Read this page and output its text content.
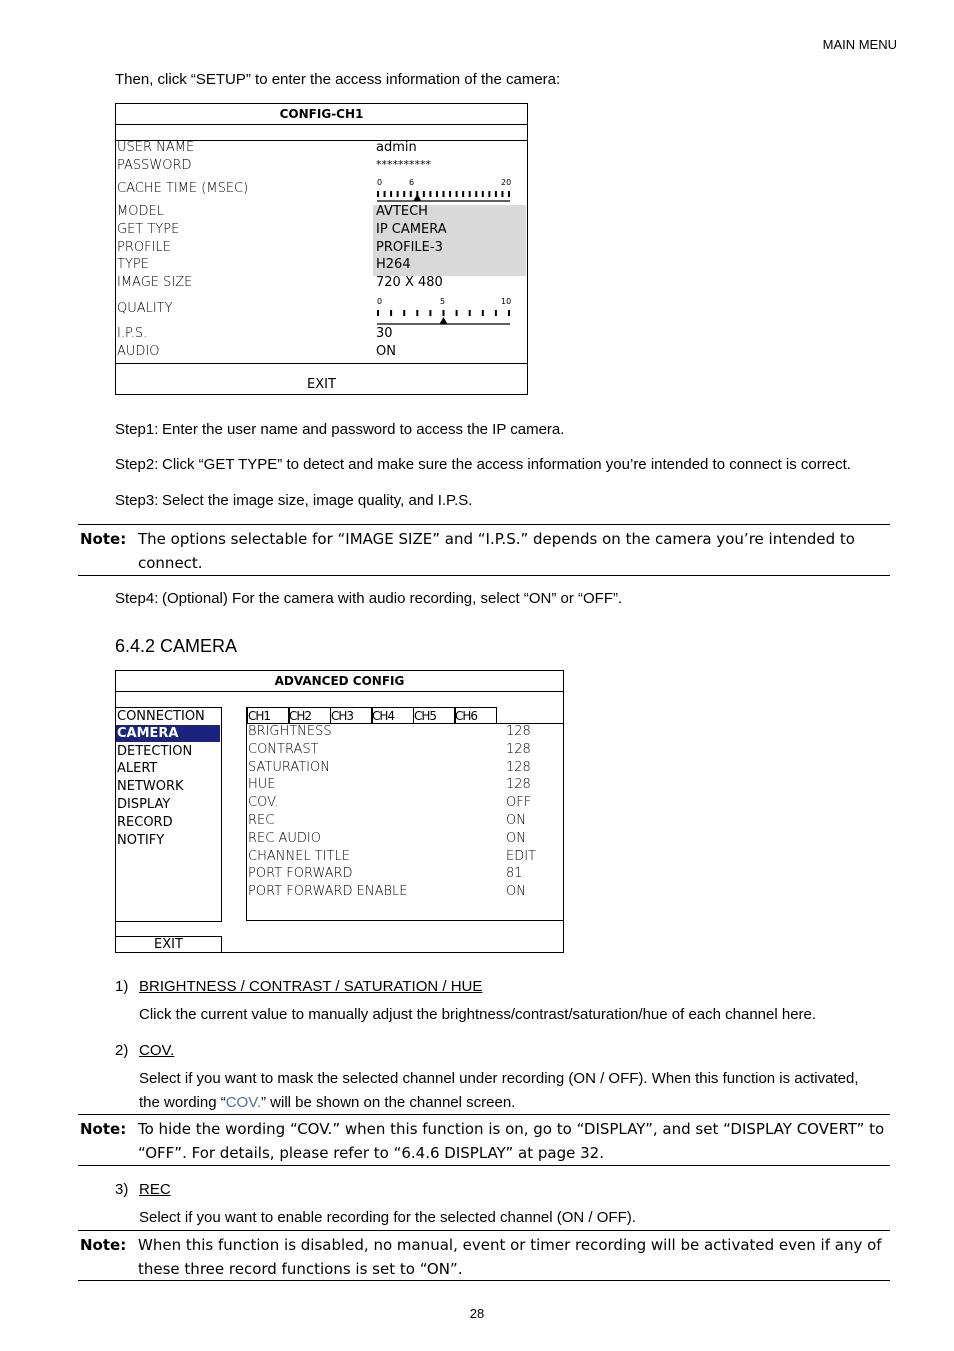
MAIN MENU
Then, click “SETUP” to enter the access information of the camera:
CONFIG-CH1
USER NAME	admin
PASSWORD	**********
CACHE TIME (MSEC)	0	6	20
MODEL	AVTECH
GET TYPE	IP CAMERA
PROFILE	PROFILE-3
TYPE	H264
IMAGE SIZE	720 X 480
QUALITY	0	5	10
I.P.S.	30
AUDIO	ON
EXIT
Step1: Enter the user name and password to access the IP camera.
Step2: Click “GET TYPE” to detect and make sure the access information you’re intended to connect is correct.
Step3: Select the image size, image quality, and I.P.S.
Note: The options selectable for “IMAGE SIZE” and “I.P.S.” depends on the camera you’re intended to connect.
Step4: (Optional) For the camera with audio recording, select “ON” or “OFF”.
6.4.2 CAMERA
ADVANCED CONFIG
CONNECTION
CAMERA
DETECTION
ALERT
NETWORK
DISPLAY
RECORD
NOTIFY
CH1	CH2	CH3	CH4	CH5	CH6
BRIGHTNESS	128
CONTRAST	128
SATURATION	128
HUE	128
COV.	OFF
REC	ON
REC AUDIO	ON
CHANNEL TITLE	EDIT
PORT FORWARD	81
PORT FORWARD ENABLE	ON
EXIT
1) BRIGHTNESS / CONTRAST / SATURATION / HUE
Click the current value to manually adjust the brightness/contrast/saturation/hue of each channel here.
2) COV.
Select if you want to mask the selected channel under recording (ON / OFF). When this function is activated,
the wording “COV.” will be shown on the channel screen.
Note: To hide the wording “COV.” when this function is on, go to “DISPLAY”, and set “DISPLAY COVERT” to “OFF”. For details, please refer to “6.4.6 DISPLAY” at page 32.
3) REC
Select if you want to enable recording for the selected channel (ON / OFF).
Note: When this function is disabled, no manual, event or timer recording will be activated even if any of these three record functions is set to “ON”.
28
